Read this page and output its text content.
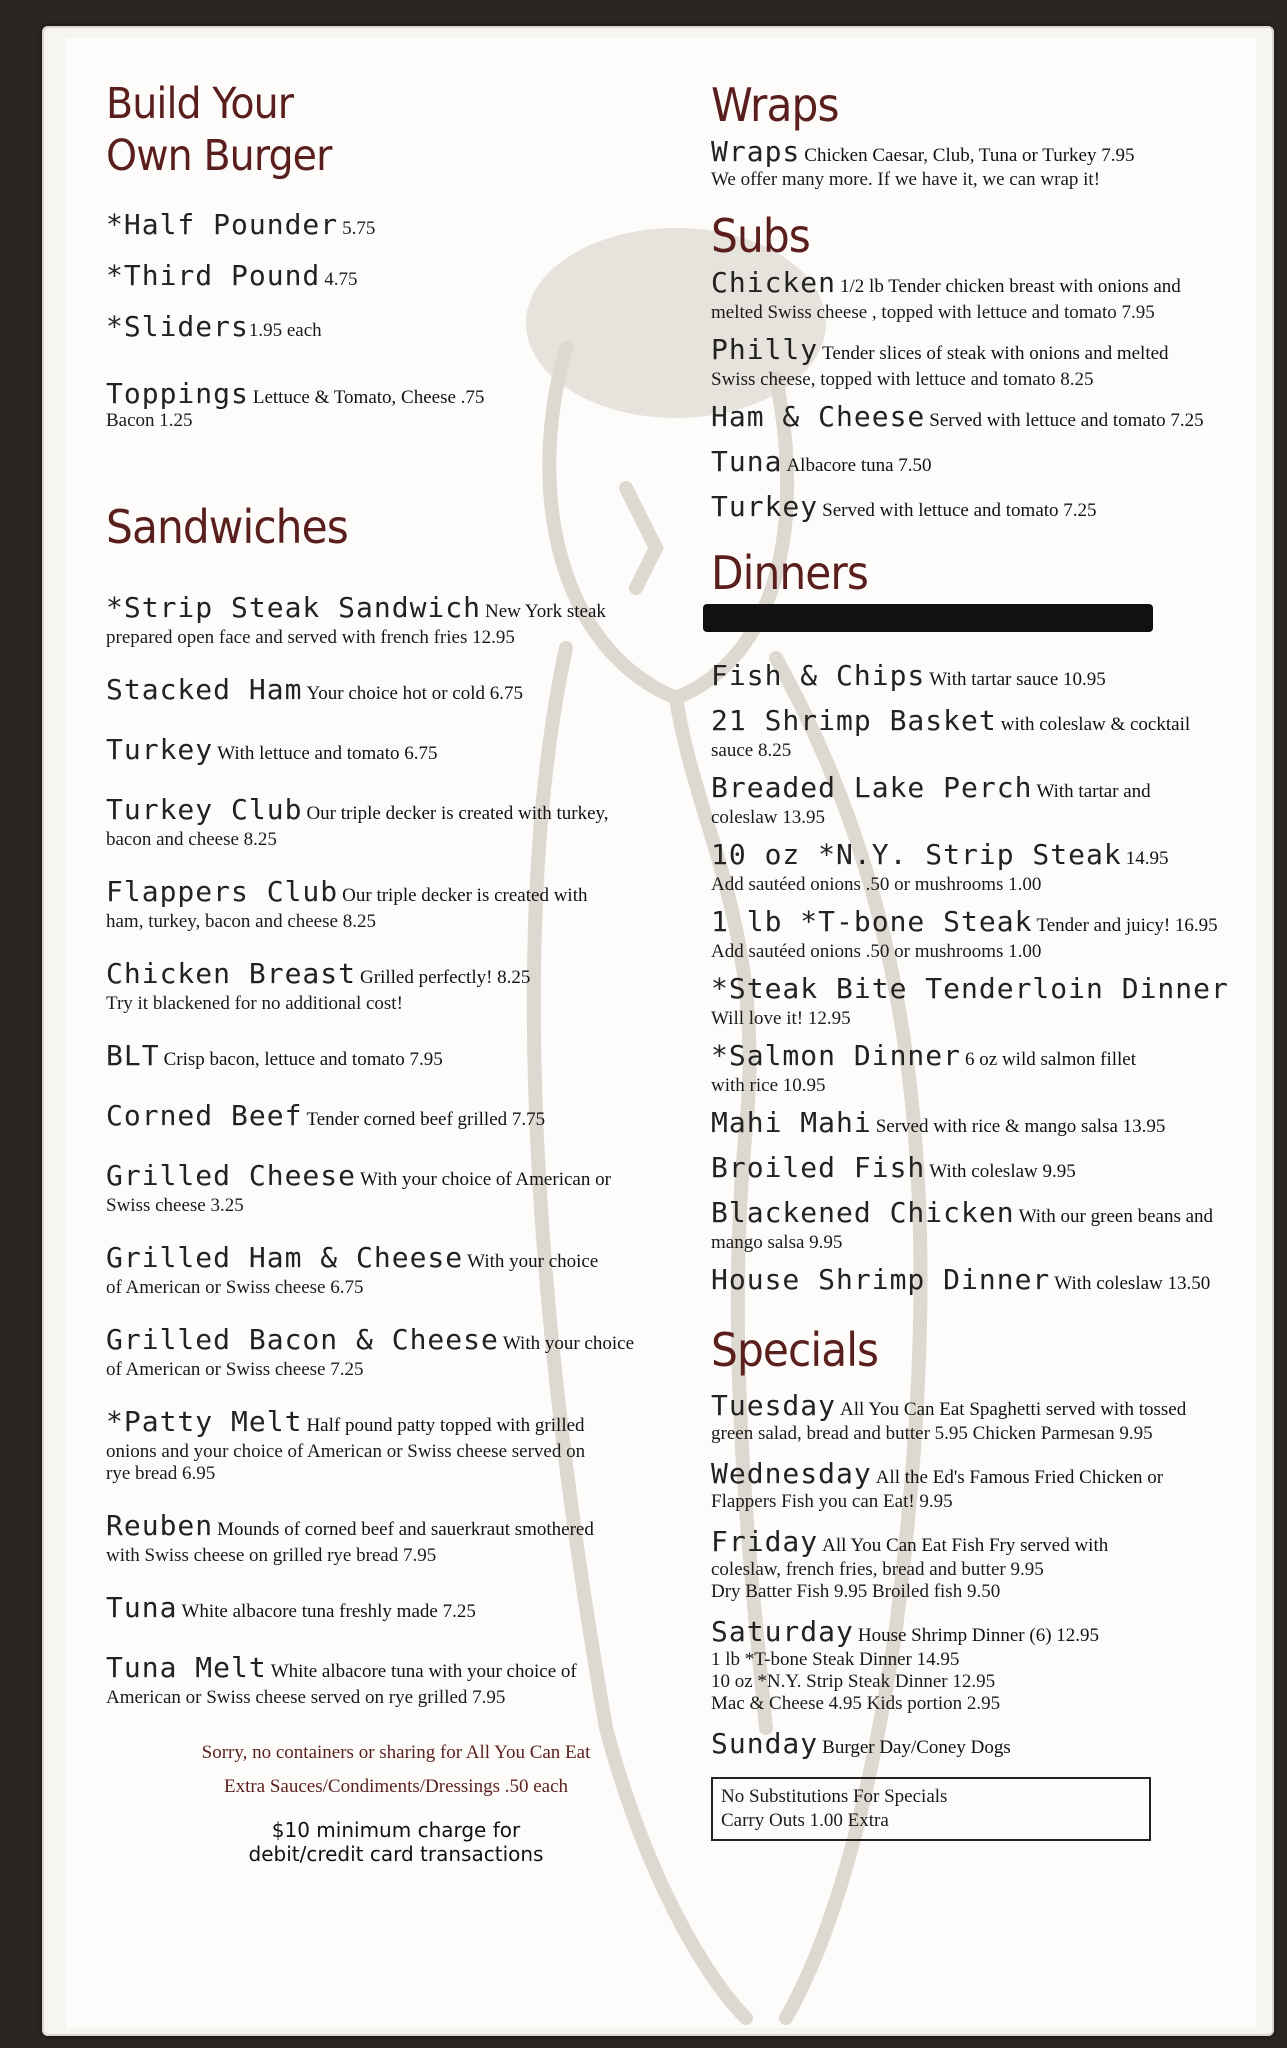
Build Your
Own Burger
*Half Pounder 5.75
*Third Pound 4.75
*Sliders1.95 each
Toppings Lettuce & Tomato, Cheese .75
Bacon 1.25
Sandwiches
*Strip Steak Sandwich New York steak
prepared open face and served with french fries 12.95
Stacked Ham Your choice hot or cold 6.75
Turkey With lettuce and tomato 6.75
Turkey Club Our triple decker is created with turkey,
bacon and cheese 8.25
Flappers Club Our triple decker is created with
ham, turkey, bacon and cheese 8.25
Chicken Breast Grilled perfectly! 8.25
Try it blackened for no additional cost!
BLT Crisp bacon, lettuce and tomato 7.95
Corned Beef Tender corned beef grilled 7.75
Grilled Cheese With your choice of American or
Swiss cheese 3.25
Grilled Ham & Cheese With your choice
of American or Swiss cheese 6.75
Grilled Bacon & Cheese With your choice
of American or Swiss cheese 7.25
*Patty Melt Half pound patty topped with grilled
onions and your choice of American or Swiss cheese served on
rye bread 6.95
Reuben Mounds of corned beef and sauerkraut smothered
with Swiss cheese on grilled rye bread 7.95
Tuna White albacore tuna freshly made 7.25
Tuna Melt White albacore tuna with your choice of
American or Swiss cheese served on rye grilled 7.95
Sorry, no containers or sharing for All You Can Eat
Extra Sauces/Condiments/Dressings .50 each
$10 minimum charge for
debit/credit card transactions
Wraps
Wraps Chicken Caesar, Club, Tuna or Turkey 7.95
We offer many more. If we have it, we can wrap it!
Subs
Chicken 1/2 lb Tender chicken breast with onions and
melted Swiss cheese , topped with lettuce and tomato 7.95
Philly Tender slices of steak with onions and melted
Swiss cheese, topped with lettuce and tomato 8.25
Ham & Cheese Served with lettuce and tomato 7.25
Tuna Albacore tuna 7.50
Turkey Served with lettuce and tomato 7.25
Dinners
Fish & Chips With tartar sauce 10.95
21 Shrimp Basket with coleslaw & cocktail
sauce 8.25
Breaded Lake Perch With tartar and
coleslaw 13.95
10 oz *N.Y. Strip Steak 14.95
Add sautéed onions .50 or mushrooms 1.00
1 lb *T-bone Steak Tender and juicy! 16.95
Add sautéed onions .50 or mushrooms 1.00
*Steak Bite Tenderloin Dinner
Will love it! 12.95
*Salmon Dinner 6 oz wild salmon fillet
with rice 10.95
Mahi Mahi Served with rice & mango salsa 13.95
Broiled Fish With coleslaw 9.95
Blackened Chicken With our green beans and
mango salsa 9.95
House Shrimp Dinner With coleslaw 13.50
Specials
Tuesday All You Can Eat Spaghetti served with tossed
green salad, bread and butter 5.95 Chicken Parmesan 9.95
Wednesday All the Ed's Famous Fried Chicken or
Flappers Fish you can Eat! 9.95
Friday All You Can Eat Fish Fry served with
coleslaw, french fries, bread and butter 9.95
Dry Batter Fish 9.95 Broiled fish 9.50
Saturday House Shrimp Dinner (6) 12.95
1 lb *T-bone Steak Dinner 14.95
10 oz *N.Y. Strip Steak Dinner 12.95
Mac & Cheese 4.95 Kids portion 2.95
Sunday Burger Day/Coney Dogs
No Substitutions For Specials
Carry Outs 1.00 Extra
